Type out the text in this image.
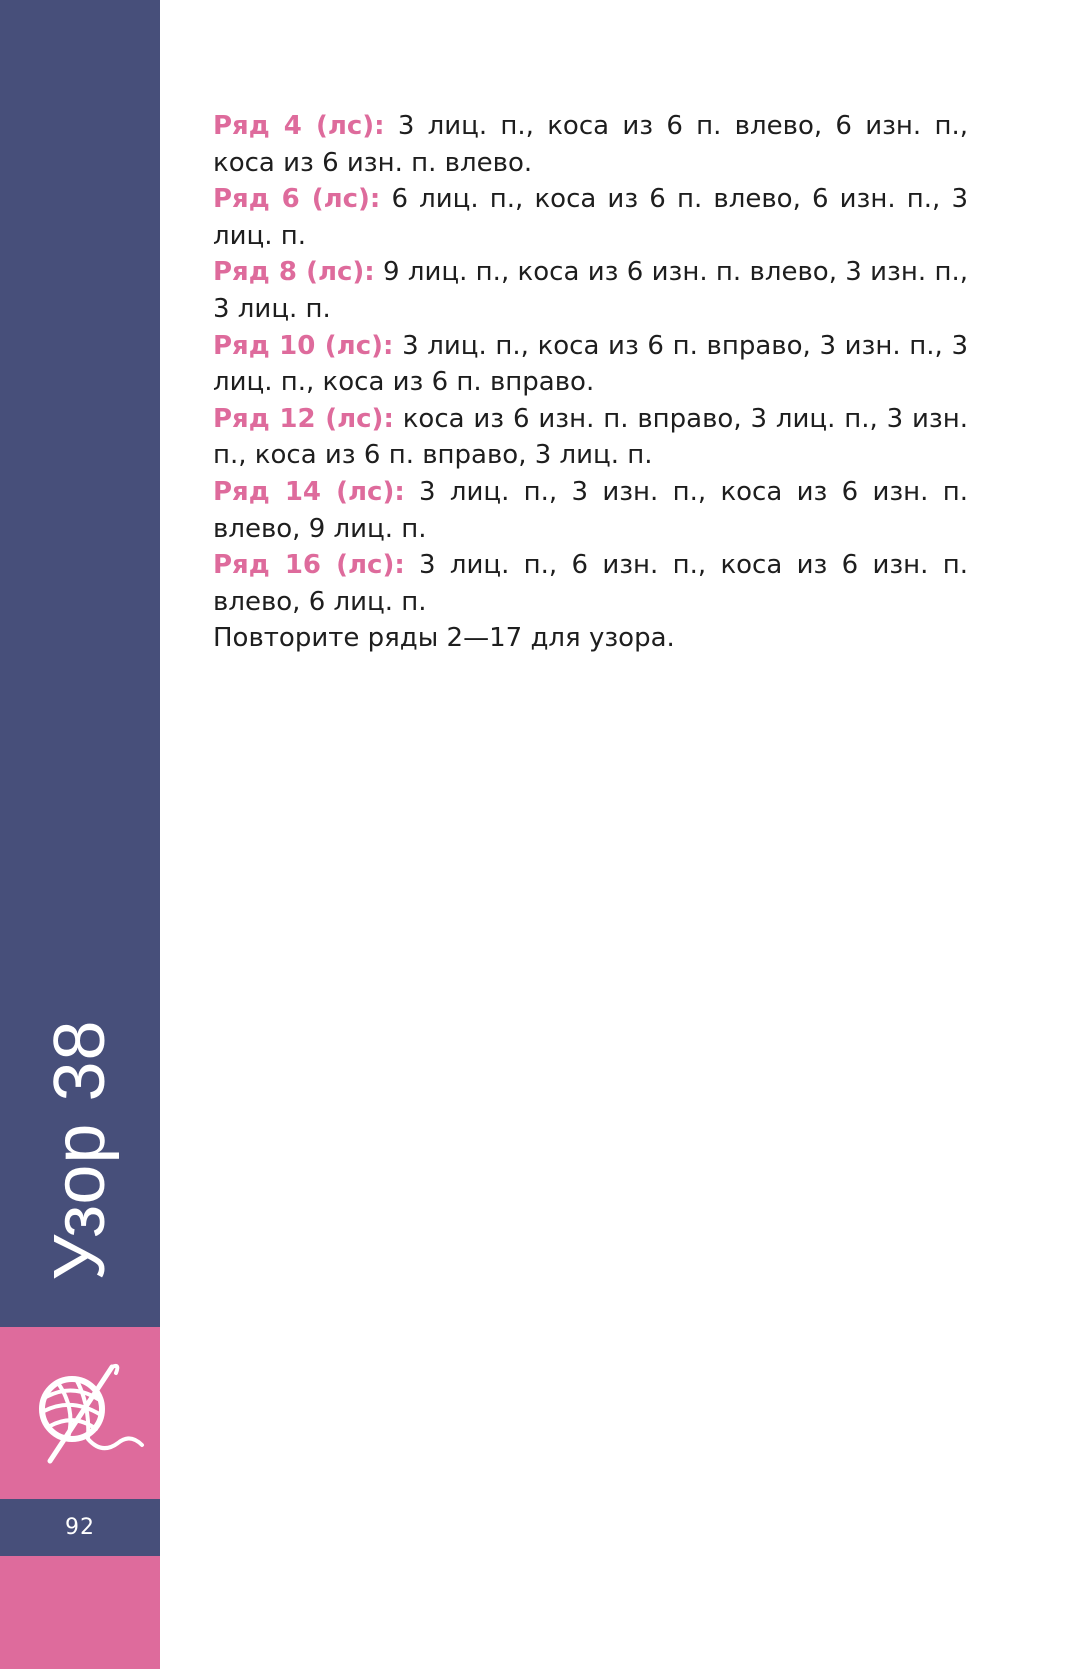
Узор 38
92

Ряд 4 (лс): 3 лиц. п., коса из 6 п. влево, 6 изн. п., коса из 6 изн. п. влево.

Ряд 6 (лс): 6 лиц. п., коса из 6 п. влево, 6 изн. п., 3 лиц. п.

Ряд 8 (лс): 9 лиц. п., коса из 6 изн. п. влево, 3 изн. п., 3 лиц. п.

Ряд 10 (лс): 3 лиц. п., коса из 6 п. вправо, 3 изн. п., 3 лиц. п., коса из 6 п. вправо.

Ряд 12 (лс): коса из 6 изн. п. вправо, 3 лиц. п., 3 изн. п., коса из 6 п. вправо, 3 лиц. п.

Ряд 14 (лс): 3 лиц. п., 3 изн. п., коса из 6 изн. п. влево, 9 лиц. п.

Ряд 16 (лс): 3 лиц. п., 6 изн. п., коса из 6 изн. п. влево, 6 лиц. п.

Повторите ряды 2—17 для узора.
